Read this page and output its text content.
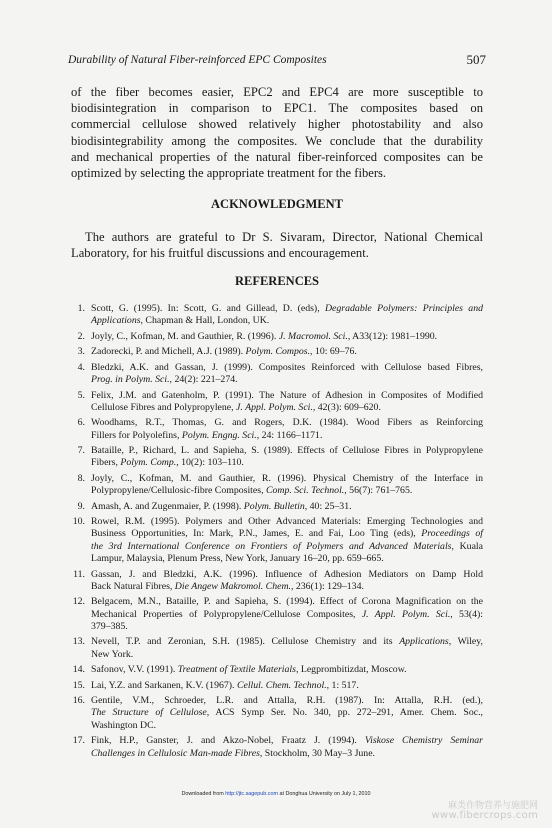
Durability of Natural Fiber-reinforced EPC Composites	507

of the fiber becomes easier, EPC2 and EPC4 are more susceptible to
biodisintegration in comparison to EPC1. The composites based on
commercial cellulose showed relatively higher photostability and also
biodisintegrability among the composites. We conclude that the durability
and mechanical properties of the natural fiber-reinforced composites can be
optimized by selecting the appropriate treatment for the fibers.

ACKNOWLEDGMENT

The authors are grateful to Dr S. Sivaram, Director, National Chemical
Laboratory, for his fruitful discussions and encouragement.

REFERENCES
1. Scott, G. (1995). In: Scott, G. and Gillead, D. (eds), Degradable Polymers: Principles and
Applications, Chapman & Hall, London, UK.
2. Joyly, C., Kofman, M. and Gauthier, R. (1996). J. Macromol. Sci., A33(12): 1981–1990.
3. Zadorecki, P. and Michell, A.J. (1989). Polym. Compos., 10: 69–76.
4. Bledzki, A.K. and Gassan, J. (1999). Composites Reinforced with Cellulose based Fibres,
Prog. in Polym. Sci., 24(2): 221–274.
5. Felix, J.M. and Gatenholm, P. (1991). The Nature of Adhesion in Composites of Modified
Cellulose Fibres and Polypropylene, J. Appl. Polym. Sci., 42(3): 609–620.
6. Woodhams, R.T., Thomas, G. and Rogers, D.K. (1984). Wood Fibers as Reinforcing
Fillers for Polyolefins, Polym. Engng. Sci., 24: 1166–1171.
7. Bataille, P., Richard, L. and Sapieha, S. (1989). Effects of Cellulose Fibres in Polypropylene
Fibers, Polym. Comp., 10(2): 103–110.
8. Joyly, C., Kofman, M. and Gauthier, R. (1996). Physical Chemistry of the Interface in
Polypropylene/Cellulosic-fibre Composites, Comp. Sci. Technol., 56(7): 761–765.
9. Amash, A. and Zugenmaier, P. (1998). Polym. Bulletin, 40: 25–31.
10. Rowel, R.M. (1995). Polymers and Other Advanced Materials: Emerging Technologies and
Business Opportunities, In: Mark, P.N., James, E. and Fai, Loo Ting (eds), Proceedings of
the 3rd International Conference on Frontiers of Polymers and Advanced Materials, Kuala
Lampur, Malaysia, Plenum Press, New York, January 16–20, pp. 659–665.
11. Gassan, J. and Bledzki, A.K. (1996). Influence of Adhesion Mediators on Damp Hold
Back Natural Fibres, Die Angew Makromol. Chem., 236(1): 129–134.
12. Belgacem, M.N., Bataille, P. and Sapieha, S. (1994). Effect of Corona Magnification on the
Mechanical Properties of Polypropylene/Cellulose Composites, J. Appl. Polym. Sci., 53(4):
379–385.
13. Nevell, T.P. and Zeronian, S.H. (1985). Cellulose Chemistry and its Applications, Wiley,
New York.
14. Safonov, V.V. (1991). Treatment of Textile Materials, Legprombitizdat, Moscow.
15. Lai, Y.Z. and Sarkanen, K.V. (1967). Cellul. Chem. Technol., 1: 517.
16. Gentile, V.M., Schroeder, L.R. and Attalla, R.H. (1987). In: Attalla, R.H. (ed.),
The Structure of Cellulose, ACS Symp Ser. No. 340, pp. 272–291, Amer. Chem. Soc.,
Washington DC.
17. Fink, H.P., Ganster, J. and Akzo-Nobel, Fraatz J. (1994). Viskose Chemistry Seminar
Challenges in Cellulosic Man-made Fibres, Stockholm, 30 May–3 June.
Downloaded from http://jtc.sagepub.com at Donghua University on July 1, 2010
麻类作物营养与施肥网
www.fibercrops.com
